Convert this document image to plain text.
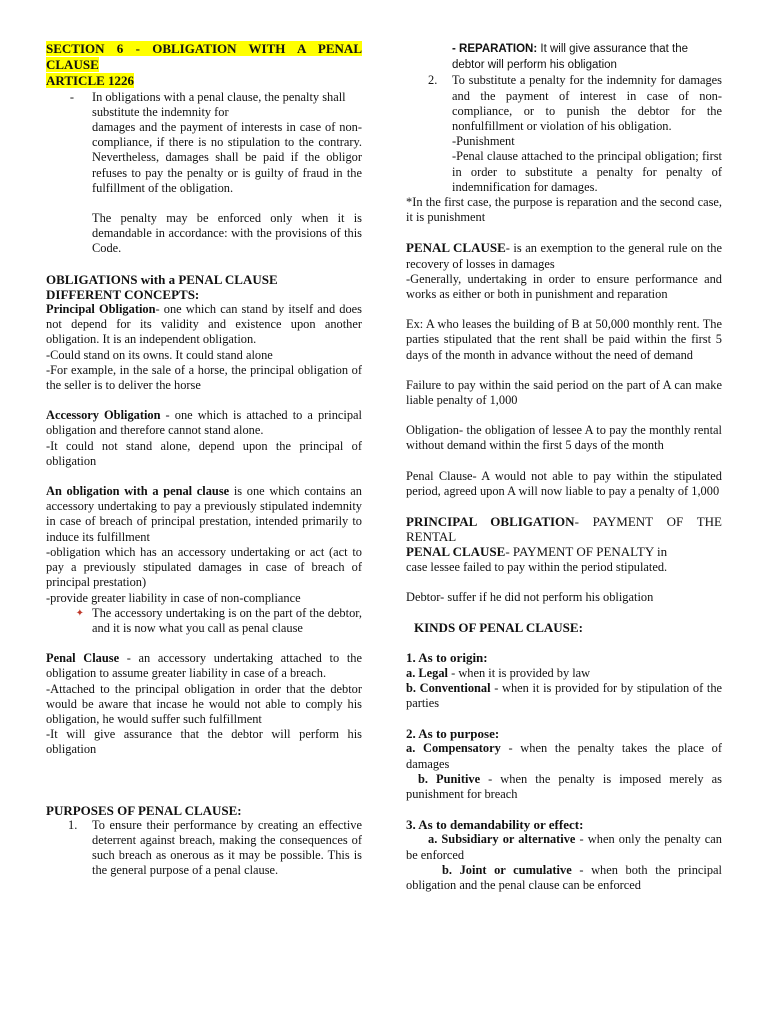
SECTION 6 - OBLIGATION WITH A PENAL CLAUSE

ARTICLE 1226

-	In obligations with a penal clause, the penalty shall substitute the indemnity for

damages and the payment of interests in case of non-compliance, if there is no stipulation to the contrary. Nevertheless, damages shall be paid if the obligor refuses to pay the penalty or is guilty of fraud in the fulfillment of the obligation.

The penalty may be enforced only when it is demandable in accordance: with the provisions of this Code.

OBLIGATIONS with a PENAL CLAUSE

DIFFERENT CONCEPTS:

Principal Obligation- one which can stand by itself and does not depend for its validity and existence upon another obligation. It is an independent obligation.

-Could stand on its owns. It could stand alone

-For example, in the sale of a horse, the principal obligation of the seller is to deliver the horse

Accessory Obligation - one which is attached to a principal obligation and therefore cannot stand alone.

-It could not stand alone, depend upon the principal of obligation

An obligation with a penal clause is one which contains an accessory undertaking to pay a previously stipulated indemnity in case of breach of principal prestation, intended primarily to induce its fulfillment

-obligation which has an accessory undertaking or act (act to pay a previously stipulated damages in case of breach of principal prestation)

-provide greater liability in case of non-compliance

✦ The accessory undertaking is on the part of the debtor, and it is now what you call as penal clause

Penal Clause - an accessory undertaking attached to the obligation to assume greater liability in case of a breach.

-Attached to the principal obligation in order that the debtor would be aware that incase he would not able to comply his obligation, he would suffer such fulfillment

-It will give assurance that the debtor will perform his obligation

PURPOSES OF PENAL CLAUSE:

1.	To ensure their performance by creating an effective deterrent against breach, making the consequences of such breach as onerous as it may be possible. This is the general purpose of a penal clause.

- REPARATION: It will give assurance that the debtor will perform his obligation

2.	To substitute a penalty for the indemnity for damages and the payment of interest in case of non-compliance, or to punish the debtor for the nonfulfillment or violation of his obligation.

-Punishment

-Penal clause attached to the principal obligation; first in order to substitute a penalty for penalty of indemnification for damages.

*In the first case, the purpose is reparation and the second case, it is punishment

PENAL CLAUSE- is an exemption to the general rule on the recovery of losses in damages

-Generally, undertaking in order to ensure performance and works as either or both in punishment and reparation

Ex: A who leases the building of B at 50,000 monthly rent. The parties stipulated that the rent shall be paid within the first 5 days of the month in advance without the need of demand

Failure to pay within the said period on the part of A can make liable penalty of 1,000

Obligation- the obligation of lessee A to pay the monthly rental without demand within the first 5 days of the month

Penal Clause- A would not able to pay within the stipulated period, agreed upon A will now liable to pay a penalty of 1,000

PRINCIPAL OBLIGATION- PAYMENT OF THE RENTAL

PENAL CLAUSE- PAYMENT OF PENALTY in

case lessee failed to pay within the period stipulated.

Debtor- suffer if he did not perform his obligation

KINDS OF PENAL CLAUSE:

1. As to origin:

a. Legal - when it is provided by law

b. Conventional - when it is provided for by stipulation of the parties

2. As to purpose:

a. Compensatory - when the penalty takes the place of damages

b. Punitive - when the penalty is imposed merely as punishment for breach

3. As to demandability or effect:

a. Subsidiary or alternative - when only the penalty can be enforced

b. Joint or cumulative - when both the principal obligation and the penal clause can be enforced
